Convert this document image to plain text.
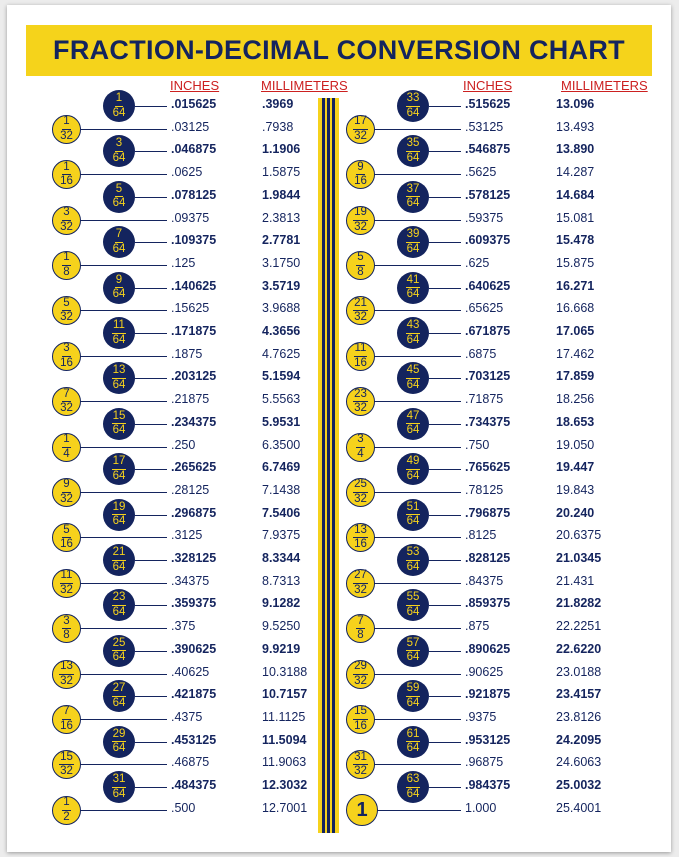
FRACTION-DECIMAL CONVERSION CHART
INCHES	MILLIMETERS	INCHES	MILLIMETERS
$\frac{1}{64}$	.015625	.3969
$\frac{1}{32}$	.03125	.7938
$\frac{3}{64}$	.046875	1.1906
$\frac{1}{16}$	.0625	1.5875
$\frac{5}{64}$	.078125	1.9844
$\frac{3}{32}$	.09375	2.3813
$\frac{7}{64}$	.109375	2.7781
$\frac{1}{8}$	.125	3.1750
$\frac{9}{64}$	.140625	3.5719
$\frac{5}{32}$	.15625	3.9688
$\frac{11}{64}$	.171875	4.3656
$\frac{3}{16}$	.1875	4.7625
$\frac{13}{64}$	.203125	5.1594
$\frac{7}{32}$	.21875	5.5563
$\frac{15}{64}$	.234375	5.9531
$\frac{1}{4}$	.250	6.3500
$\frac{17}{64}$	.265625	6.7469
$\frac{9}{32}$	.28125	7.1438
$\frac{19}{64}$	.296875	7.5406
$\frac{5}{16}$	.3125	7.9375
$\frac{21}{64}$	.328125	8.3344
$\frac{11}{32}$	.34375	8.7313
$\frac{23}{64}$	.359375	9.1282
$\frac{3}{8}$	.375	9.5250
$\frac{25}{64}$	.390625	9.9219
$\frac{13}{32}$	.40625	10.3188
$\frac{27}{64}$	.421875	10.7157
$\frac{7}{16}$	.4375	11.1125
$\frac{29}{64}$	.453125	11.5094
$\frac{15}{32}$	.46875	11.9063
$\frac{31}{64}$	.484375	12.3032
$\frac{1}{2}$	.500	12.7001
$\frac{33}{64}$	.515625	13.096
$\frac{17}{32}$	.53125	13.493
$\frac{35}{64}$	.546875	13.890
$\frac{9}{16}$	.5625	14.287
$\frac{37}{64}$	.578125	14.684
$\frac{19}{32}$	.59375	15.081
$\frac{39}{64}$	.609375	15.478
$\frac{5}{8}$	.625	15.875
$\frac{41}{64}$	.640625	16.271
$\frac{21}{32}$	.65625	16.668
$\frac{43}{64}$	.671875	17.065
$\frac{11}{16}$	.6875	17.462
$\frac{45}{64}$	.703125	17.859
$\frac{23}{32}$	.71875	18.256
$\frac{47}{64}$	.734375	18.653
$\frac{3}{4}$	.750	19.050
$\frac{49}{64}$	.765625	19.447
$\frac{25}{32}$	.78125	19.843
$\frac{51}{64}$	.796875	20.240
$\frac{13}{16}$	.8125	20.6375
$\frac{53}{64}$	.828125	21.0345
$\frac{27}{32}$	.84375	21.431
$\frac{55}{64}$	.859375	21.8282
$\frac{7}{8}$	.875	22.2251
$\frac{57}{64}$	.890625	22.6220
$\frac{29}{32}$	.90625	23.0188
$\frac{59}{64}$	.921875	23.4157
$\frac{15}{16}$	.9375	23.8126
$\frac{61}{64}$	.953125	24.2095
$\frac{31}{32}$	.96875	24.6063
$\frac{63}{64}$	.984375	25.0032
1	1.000	25.4001
